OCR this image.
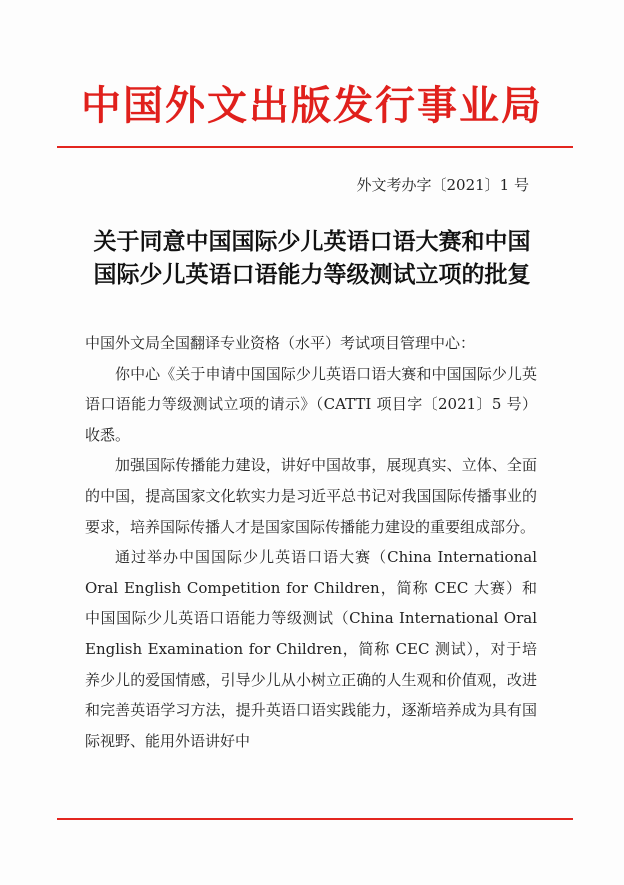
中国外文出版发行事业局
外文考办字〔2021〕1 号
关于同意中国国际少儿英语口语大赛和中国
国际少儿英语口语能力等级测试立项的批复

中国外文局全国翻译专业资格（水平）考试项目管理中心：

你中心《关于申请中国国际少儿英语口语大赛和中国国际少儿英语口语能力等级测试立项的请示》（CATTI 项目字〔2021〕5 号）收悉。

加强国际传播能力建设，讲好中国故事，展现真实、立体、全面的中国，提高国家文化软实力是习近平总书记对我国国际传播事业的要求，培养国际传播人才是国家国际传播能力建设的重要组成部分。

通过举办中国国际少儿英语口语大赛（China International Oral English Competition for Children，简称 CEC 大赛）和中国国际少儿英语口语能力等级测试（China International Oral English Examination for Children，简称 CEC 测试），对于培养少儿的爱国情感，引导少儿从小树立正确的人生观和价值观，改进和完善英语学习方法，提升英语口语实践能力，逐渐培养成为具有国际视野、能用外语讲好中
